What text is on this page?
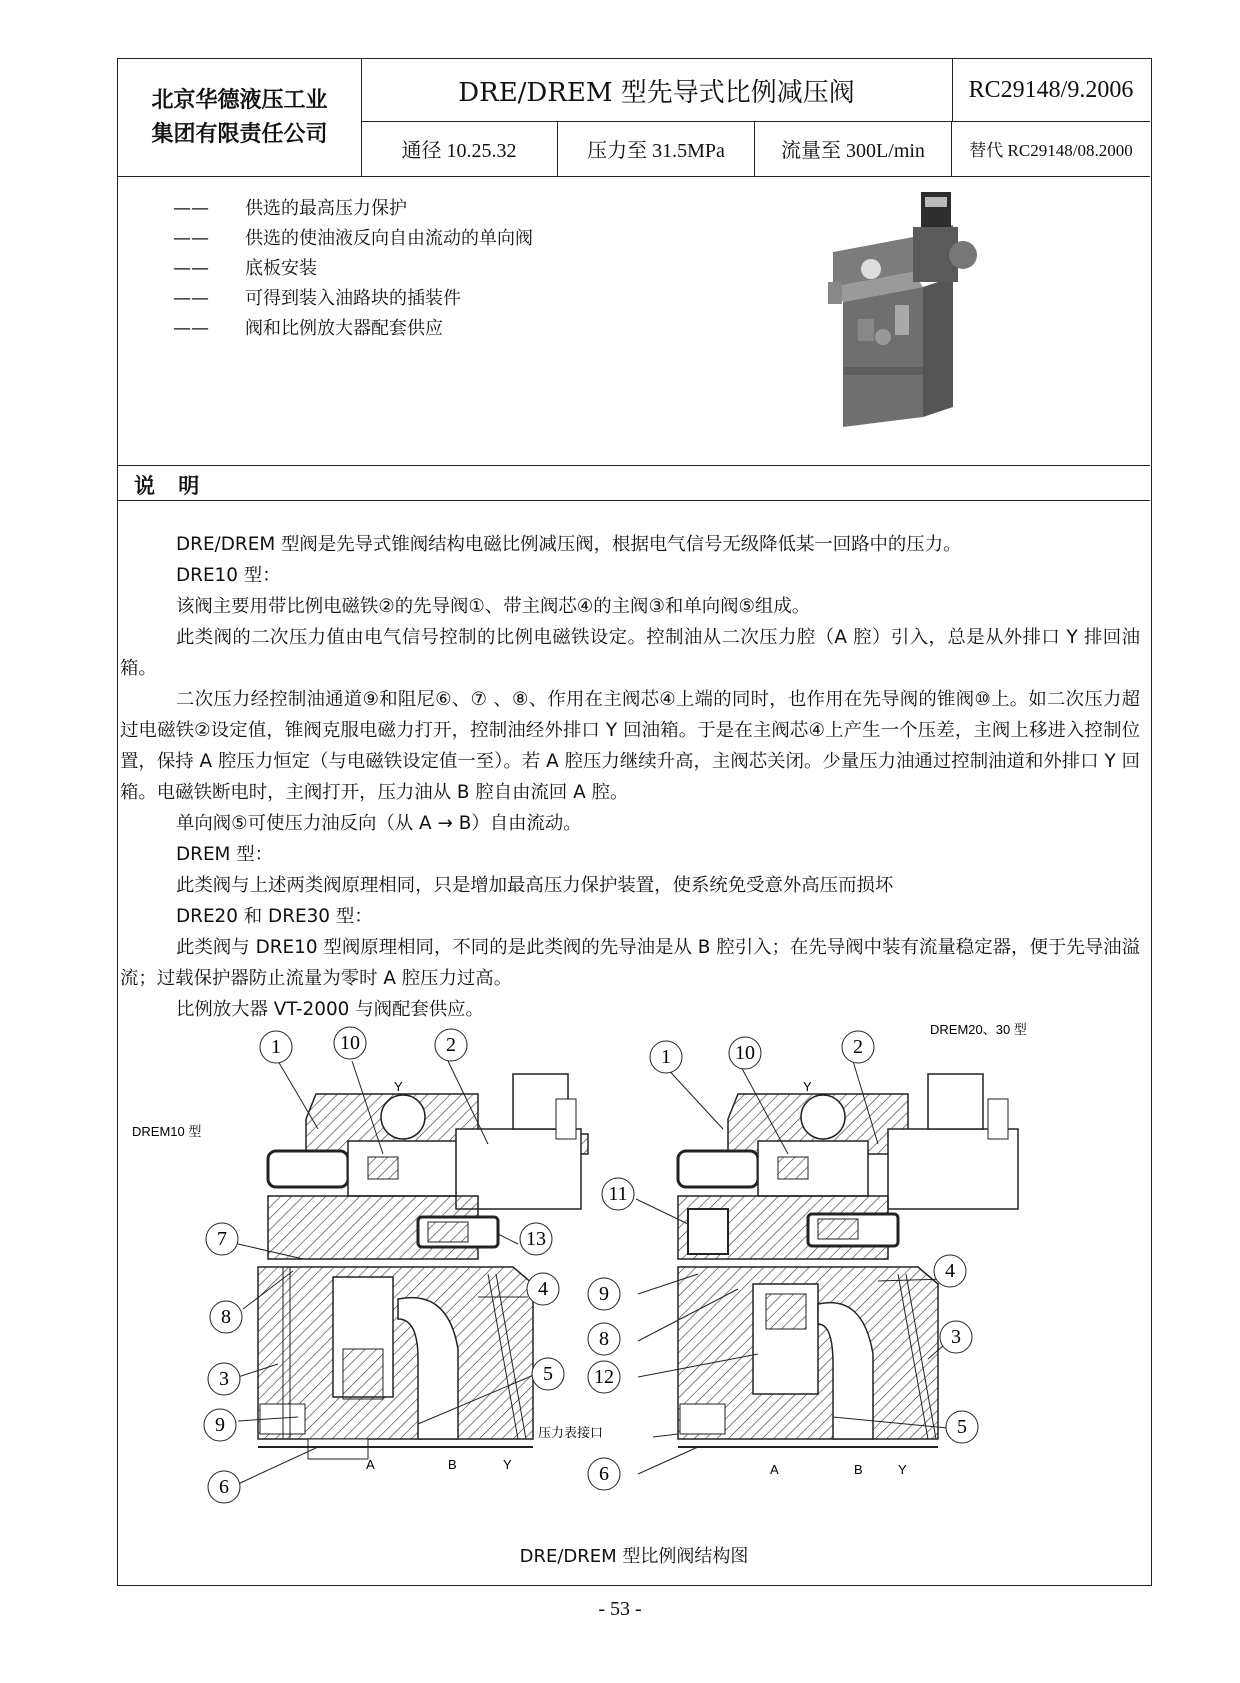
北京华德液压工业
集团有限责任公司
DRE/DREM 型先导式比例减压阀	RC29148/9.2006
通径 10.25.32	压力至 31.5MPa	流量至 300L/min	替代 RC29148/08.2000
——	供选的最高压力保护
——	供选的使油液反向自由流动的单向阀
——	底板安装
——	可得到装入油路块的插装件
——	阀和比例放大器配套供应
说 明

DRE/DREM 型阀是先导式锥阀结构电磁比例减压阀，根据电气信号无级降低某一回路中的压力。

DRE10 型：

该阀主要用带比例电磁铁②的先导阀①、带主阀芯④的主阀③和单向阀⑤组成。

此类阀的二次压力值由电气信号控制的比例电磁铁设定。控制油从二次压力腔（A 腔）引入，总是从外排口 Y 排回油箱。

二次压力经控制油通道⑨和阻尼⑥、⑦ 、⑧、作用在主阀芯④上端的同时，也作用在先导阀的锥阀⑩上。如二次压力超过电磁铁②设定值，锥阀克服电磁力打开，控制油经外排口 Y 回油箱。于是在主阀芯④上产生一个压差，主阀上移进入控制位置，保持 A 腔压力恒定（与电磁铁设定值一至）。若 A 腔压力继续升高，主阀芯关闭。少量压力油通过控制油道和外排口 Y 回箱。电磁铁断电时，主阀打开，压力油从 B 腔自由流回 A 腔。

单向阀⑤可使压力油反向（从 A → B）自由流动。

DREM 型：

此类阀与上述两类阀原理相同，只是增加最高压力保护装置，使系统免受意外高压而损坏

DRE20 和 DRE30 型：

此类阀与 DRE10 型阀原理相同，不同的是此类阀的先导油是从 B 腔引入；在先导阀中装有流量稳定器，便于先导油溢流；过载保护器防止流量为零时 A 腔压力过高。

比例放大器 VT-2000 与阀配套供应。

1	10	2
7	13
8
4
3	5
9
6
1	10	2
11
4
9
3
8
12
5
6
DREM10 型
DREM20、30 型
Y	Y
压力表接口
A	B	Y	A	B	Y
DRE/DREM 型比例阀结构图
- 53 -
